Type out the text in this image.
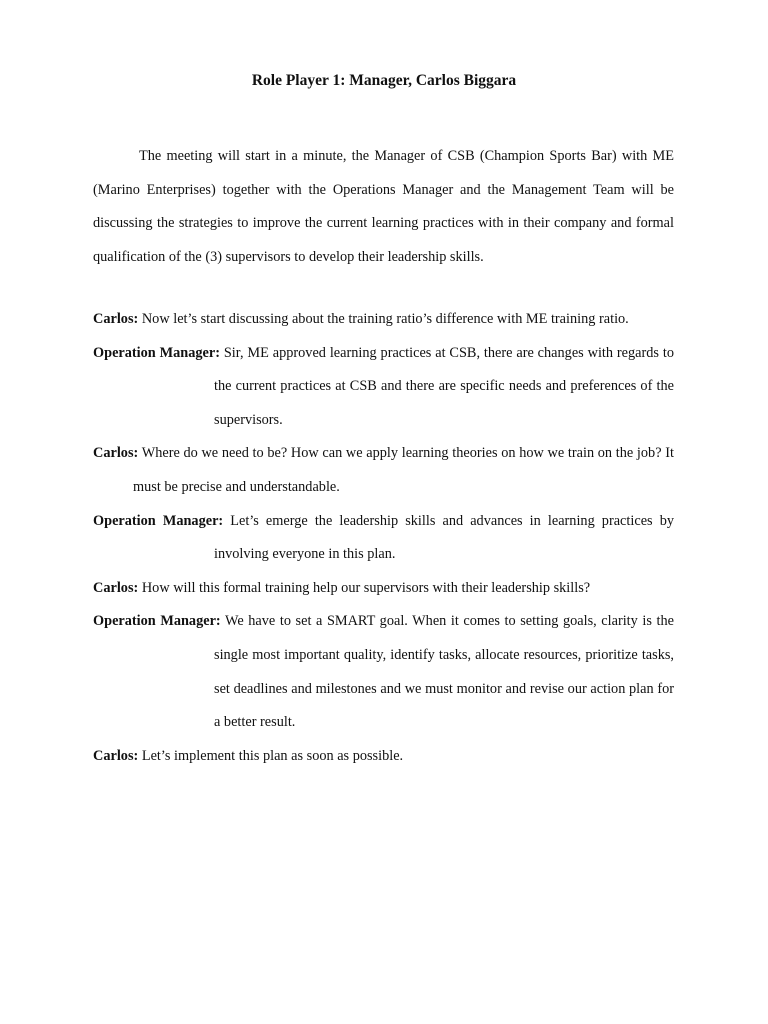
Role Player 1: Manager, Carlos Biggara

The meeting will start in a minute, the Manager of CSB (Champion Sports Bar) with ME (Marino Enterprises) together with the Operations Manager and the Management Team will be discussing the strategies to improve the current learning practices with in their company and formal qualification of the (3) supervisors to develop their leadership skills.

Carlos: Now let’s start discussing about the training ratio’s difference with ME training ratio.

Operation Manager: Sir, ME approved learning practices at CSB, there are changes with regards to the current practices at CSB and there are specific needs and preferences of the supervisors.

Carlos: Where do we need to be? How can we apply learning theories on how we train on the job? It must be precise and understandable.

Operation Manager: Let’s emerge the leadership skills and advances in learning practices by involving everyone in this plan.

Carlos: How will this formal training help our supervisors with their leadership skills?

Operation Manager: We have to set a SMART goal. When it comes to setting goals, clarity is the single most important quality, identify tasks, allocate resources, prioritize tasks, set deadlines and milestones and we must monitor and revise our action plan for a better result.

Carlos: Let’s implement this plan as soon as possible.
